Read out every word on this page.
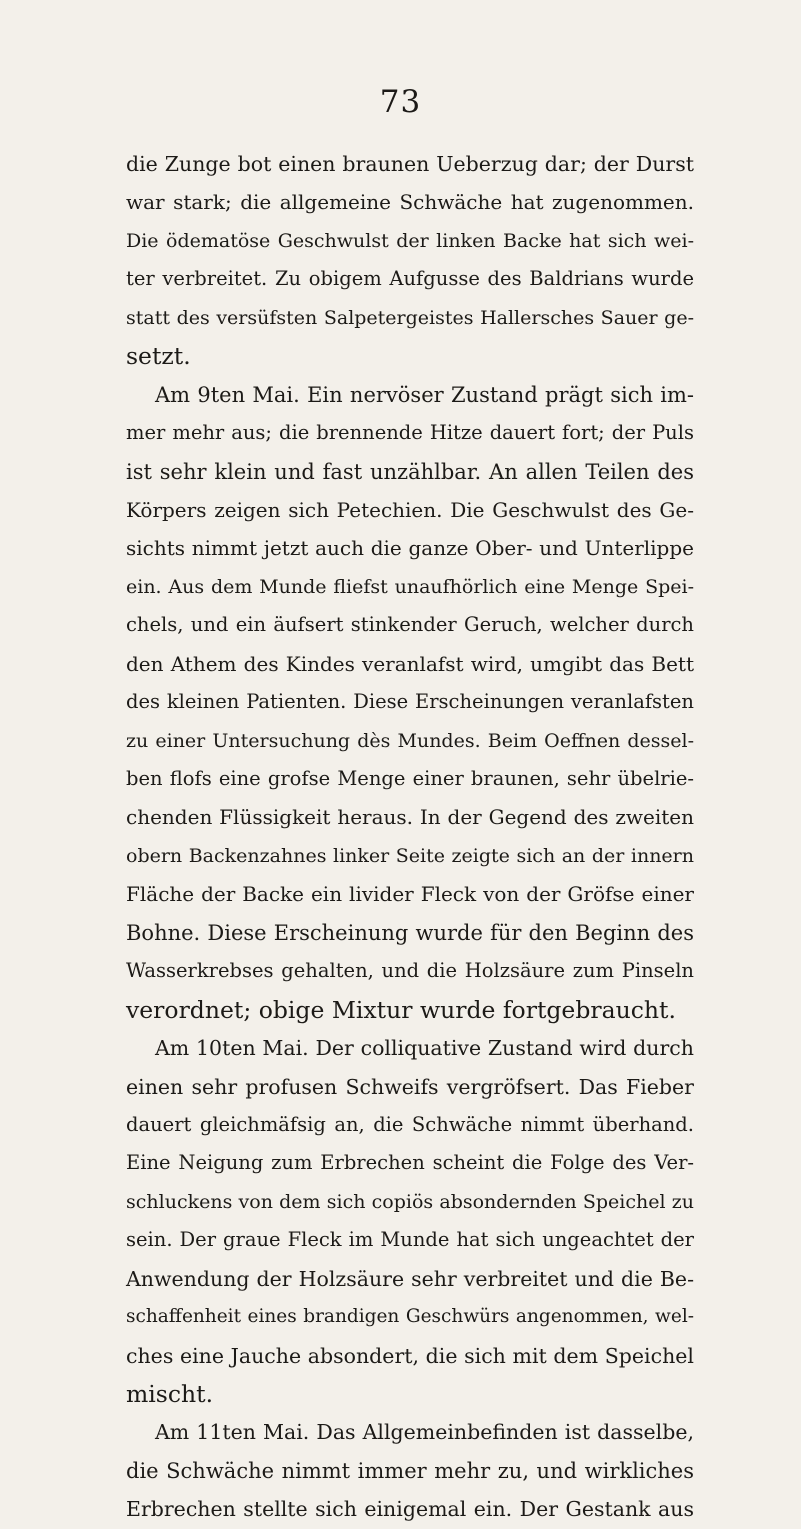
73
die Zunge bot einen braunen Ueberzug dar; der Durst
war stark; die allgemeine Schwäche hat zugenommen.
Die ödematöse Geschwulst der linken Backe hat sich wei-
ter verbreitet. Zu obigem Aufgusse des Baldrians wurde
statt des versüfsten Salpetergeistes Hallersches Sauer ge-
setzt.
Am 9ten Mai. Ein nervöser Zustand prägt sich im-
mer mehr aus; die brennende Hitze dauert fort; der Puls
ist sehr klein und fast unzählbar. An allen Teilen des
Körpers zeigen sich Petechien. Die Geschwulst des Ge-
sichts nimmt jetzt auch die ganze Ober- und Unterlippe
ein. Aus dem Munde fliefst unaufhörlich eine Menge Spei-
chels, und ein äufsert stinkender Geruch, welcher durch
den Athem des Kindes veranlafst wird, umgibt das Bett
des kleinen Patienten. Diese Erscheinungen veranlafsten
zu einer Untersuchung dès Mundes. Beim Oeffnen dessel-
ben flofs eine grofse Menge einer braunen, sehr übelrie-
chenden Flüssigkeit heraus. In der Gegend des zweiten
obern Backenzahnes linker Seite zeigte sich an der innern
Fläche der Backe ein livider Fleck von der Gröfse einer
Bohne. Diese Erscheinung wurde für den Beginn des
Wasserkrebses gehalten, und die Holzsäure zum Pinseln
verordnet; obige Mixtur wurde fortgebraucht.
Am 10ten Mai. Der colliquative Zustand wird durch
einen sehr profusen Schweifs vergröfsert. Das Fieber
dauert gleichmäfsig an, die Schwäche nimmt überhand.
Eine Neigung zum Erbrechen scheint die Folge des Ver-
schluckens von dem sich copiös absondernden Speichel zu
sein. Der graue Fleck im Munde hat sich ungeachtet der
Anwendung der Holzsäure sehr verbreitet und die Be-
schaffenheit eines brandigen Geschwürs angenommen, wel-
ches eine Jauche absondert, die sich mit dem Speichel
mischt.
Am 11ten Mai. Das Allgemeinbefinden ist dasselbe,
die Schwäche nimmt immer mehr zu, und wirkliches
Erbrechen stellte sich einigemal ein. Der Gestank aus
